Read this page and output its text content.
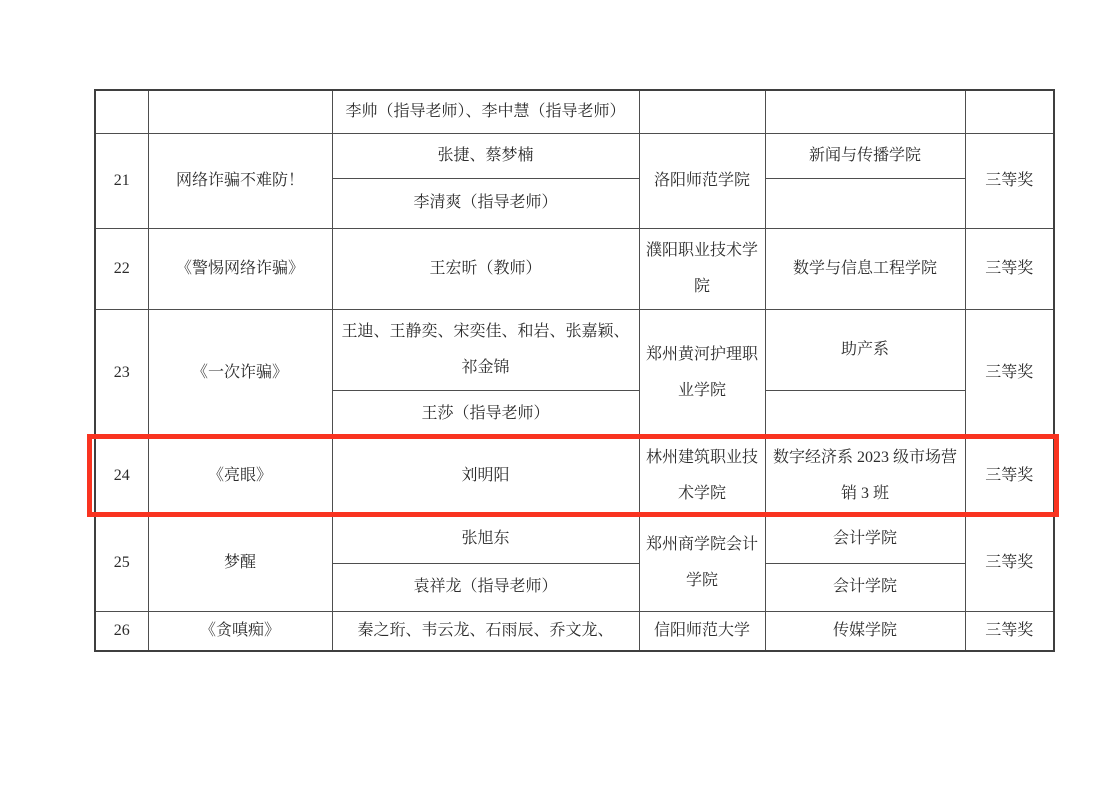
		李帅（指导老师）、李中慧（指导老师）			
21	网络诈骗不难防！	张捷、蔡梦楠	洛阳师范学院	新闻与传播学院	三等奖
		李清爽（指导老师）			
22	《警惕网络诈骗》	王宏昕（教师）	濮阳职业技术学院	数学与信息工程学院	三等奖
23	《一次诈骗》	王迪、王静奕、宋奕佳、和岩、张嘉颖、祁金锦	郑州黄河护理职业学院	助产系	三等奖
		王莎（指导老师）			
24	《亮眼》	刘明阳	林州建筑职业技术学院	数字经济系 2023 级市场营销 3 班	三等奖
25	梦醒	张旭东	郑州商学院会计学院	会计学院	三等奖
		袁祥龙（指导老师）		会计学院	
26	《贪嗔痴》	秦之珩、韦云龙、石雨辰、乔文龙、	信阳师范大学	传媒学院	三等奖
